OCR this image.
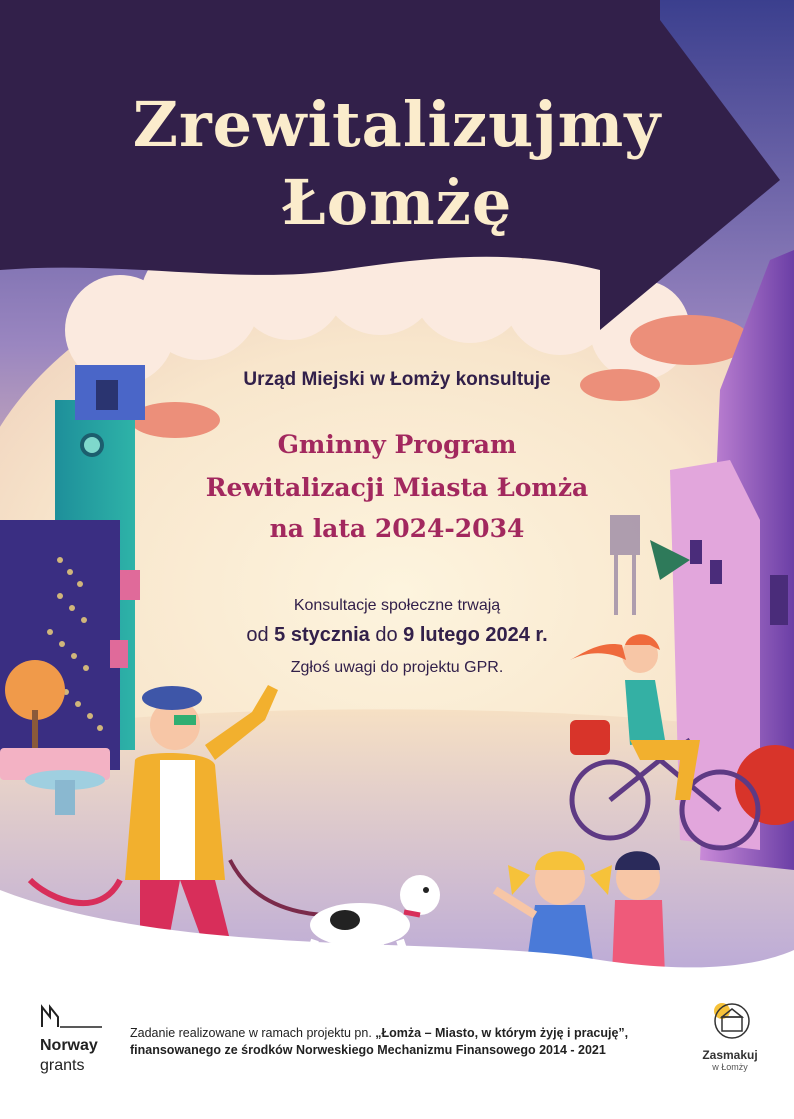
Zrewitalizujmy
Łomżę
Urząd Miejski w Łomży konsultuje
Gminny Program
Rewitalizacji Miasta Łomża
na lata 2024-2034
Konsultacje społeczne trwają
od 5 stycznia do 9 lutego 2024 r.
Zgłoś uwagi do projektu GPR.
Norway
grants
Zadanie realizowane w ramach projektu pn. „Łomża – Miasto, w którym żyję i pracuję”,
finansowanego ze środków Norweskiego Mechanizmu Finansowego 2014 - 2021	Zasmakuj
w Łomży
